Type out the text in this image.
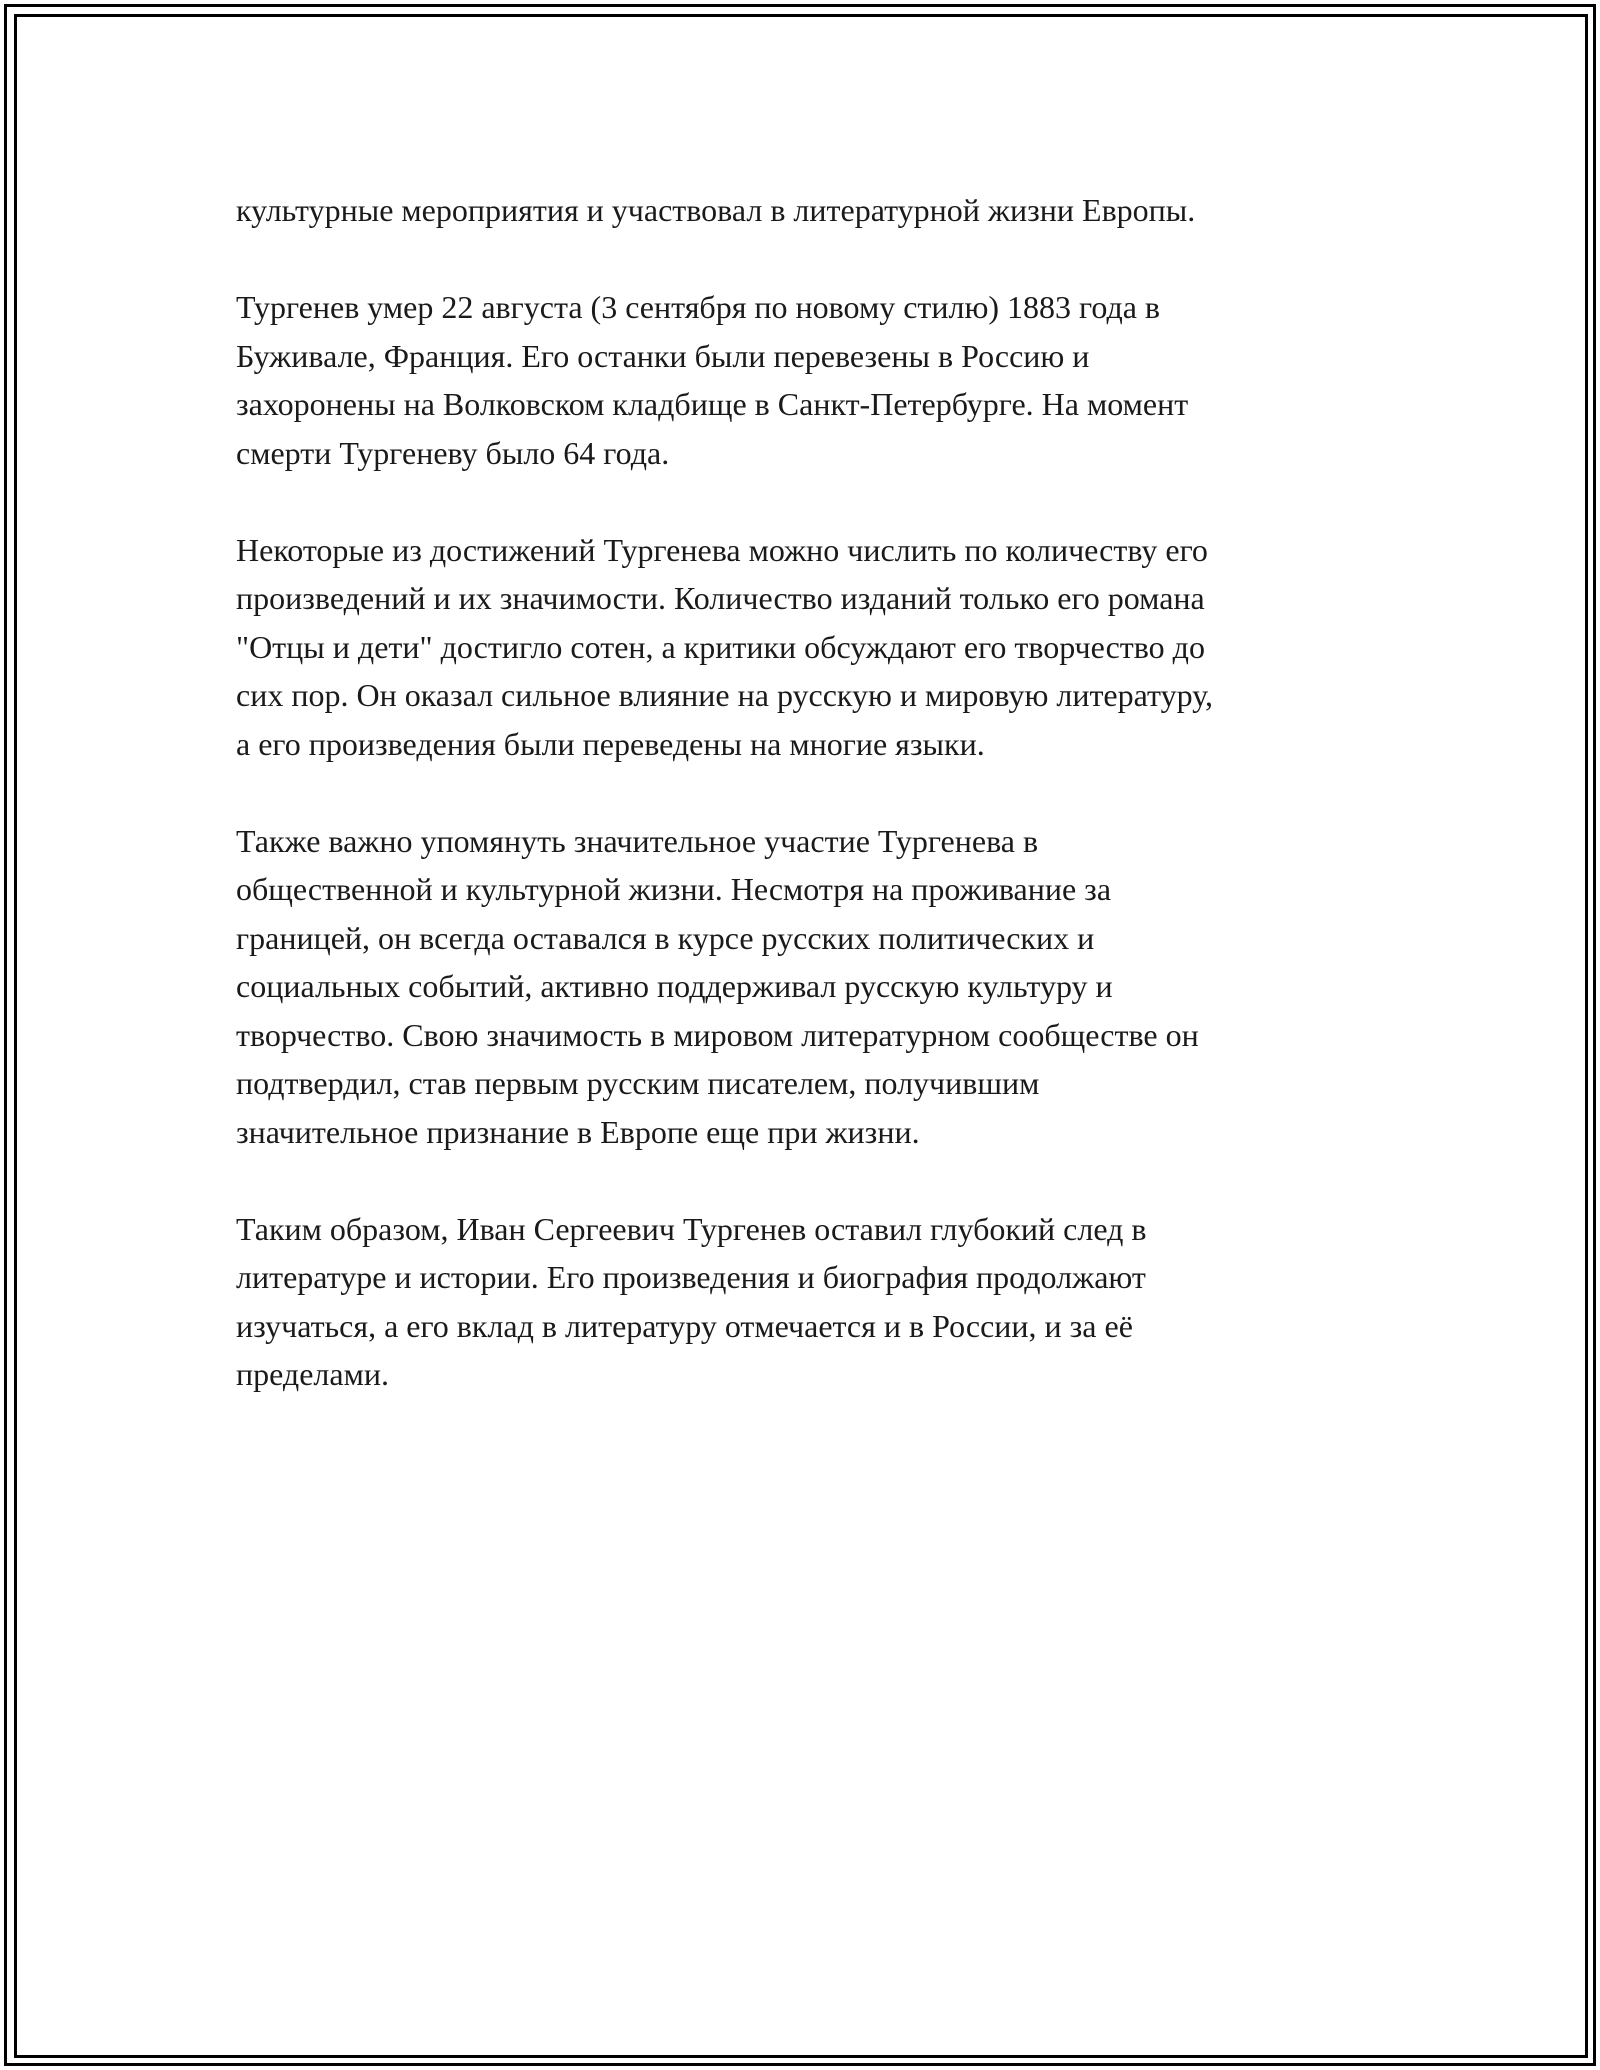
культурные мероприятия и участвовал в литературной жизни Европы.

Тургенев умер 22 августа (3 сентября по новому стилю) 1883 года в
Буживале, Франция. Его останки были перевезены в Россию и
захоронены на Волковском кладбище в Санкт-Петербурге. На момент
смерти Тургеневу было 64 года.

Некоторые из достижений Тургенева можно числить по количеству его
произведений и их значимости. Количество изданий только его романа
"Отцы и дети" достигло сотен, а критики обсуждают его творчество до
сих пор. Он оказал сильное влияние на русскую и мировую литературу,
а его произведения были переведены на многие языки.

Также важно упомянуть значительное участие Тургенева в
общественной и культурной жизни. Несмотря на проживание за
границей, он всегда оставался в курсе русских политических и
социальных событий, активно поддерживал русскую культуру и
творчество. Свою значимость в мировом литературном сообществе он
подтвердил, став первым русским писателем, получившим
значительное признание в Европе еще при жизни.

Таким образом, Иван Сергеевич Тургенев оставил глубокий след в
литературе и истории. Его произведения и биография продолжают
изучаться, а его вклад в литературу отмечается и в России, и за её
пределами.
